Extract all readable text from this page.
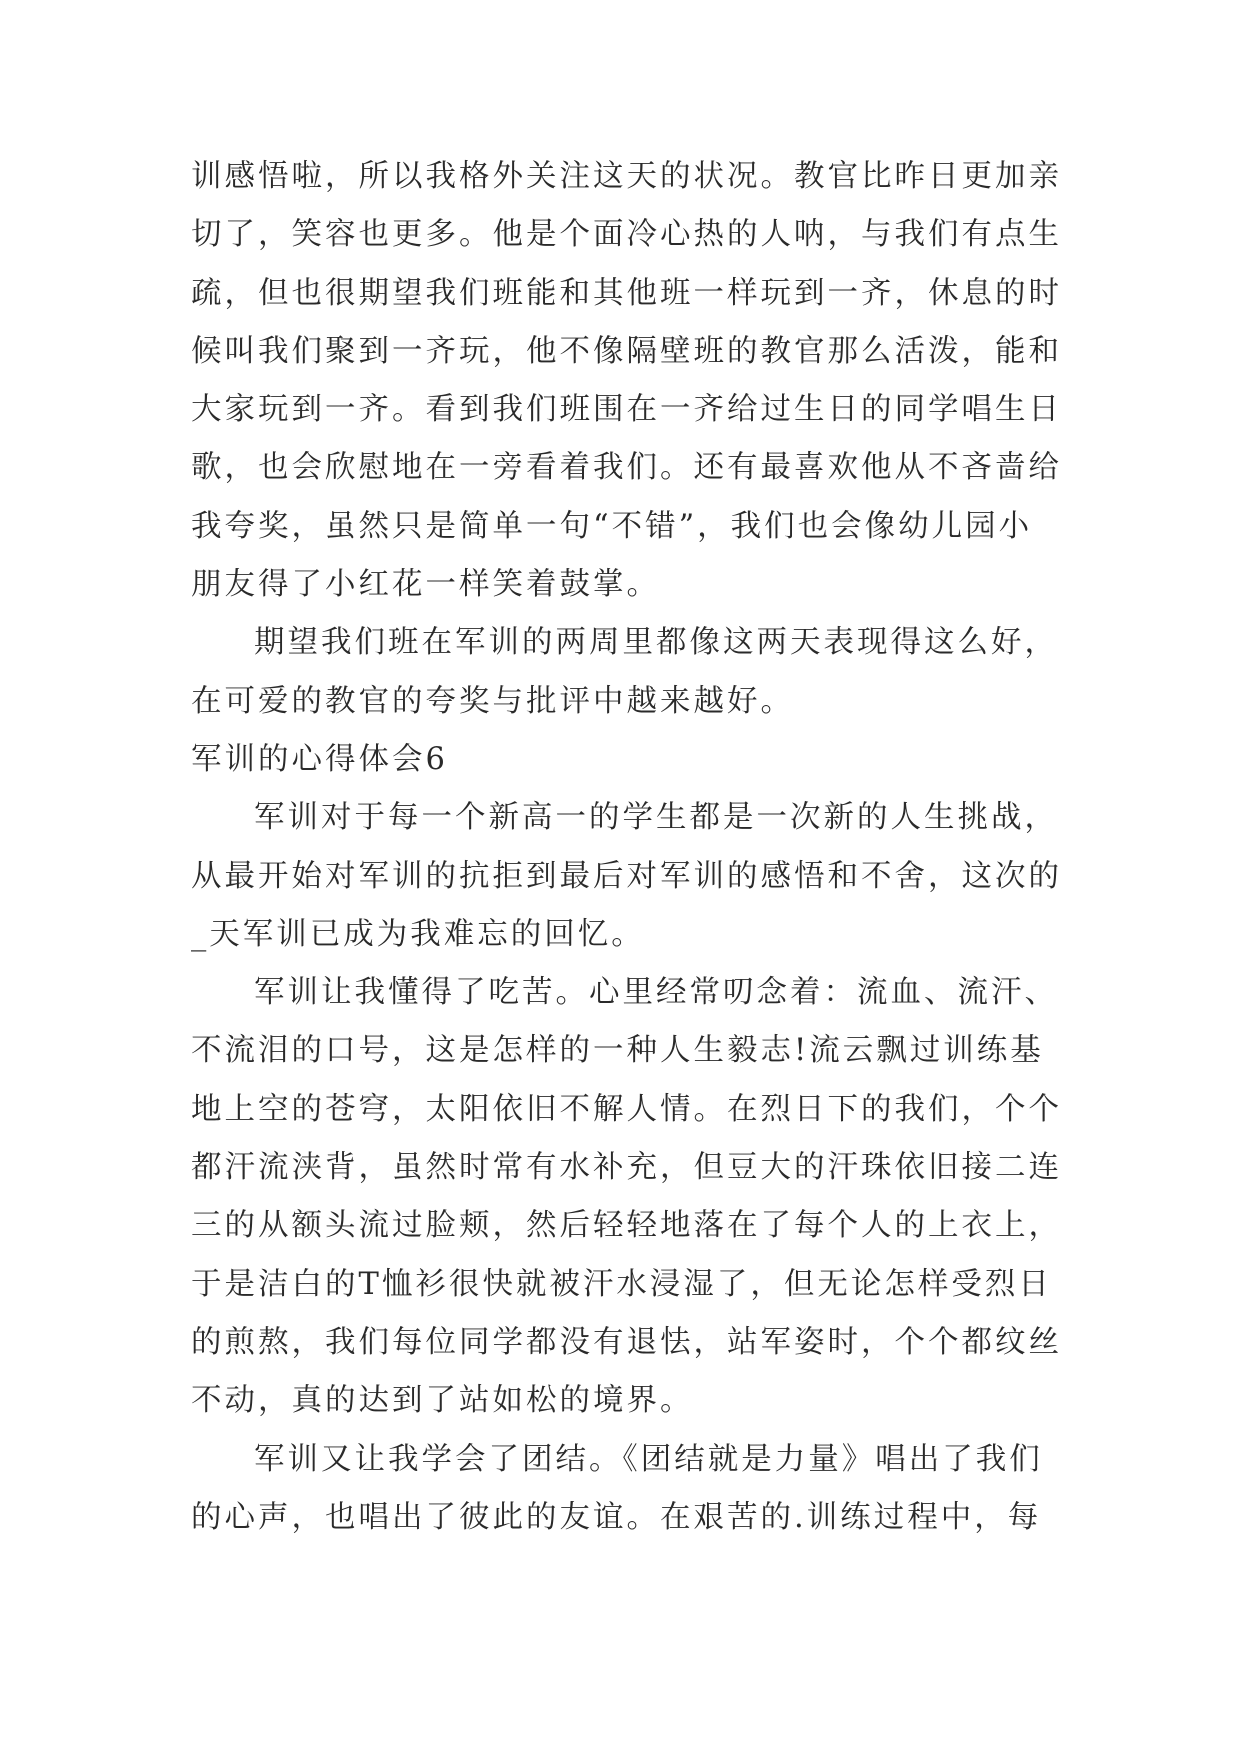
训感悟啦，所以我格外关注这天的状况。教官比昨日更加亲
切了，笑容也更多。他是个面冷心热的人呐，与我们有点生
疏，但也很期望我们班能和其他班一样玩到一齐，休息的时
候叫我们聚到一齐玩，他不像隔壁班的教官那么活泼，能和
大家玩到一齐。看到我们班围在一齐给过生日的同学唱生日
歌，也会欣慰地在一旁看着我们。还有最喜欢他从不吝啬给
我夸奖，虽然只是简单一句“不错”，我们也会像幼儿园小
朋友得了小红花一样笑着鼓掌。
期望我们班在军训的两周里都像这两天表现得这么好，
在可爱的教官的夸奖与批评中越来越好。
军训的心得体会6
军训对于每一个新高一的学生都是一次新的人生挑战，
从最开始对军训的抗拒到最后对军训的感悟和不舍，这次的
_天军训已成为我难忘的回忆。
军训让我懂得了吃苦。心里经常叨念着：流血、流汗、
不流泪的口号，这是怎样的一种人生毅志!流云飘过训练基
地上空的苍穹，太阳依旧不解人情。在烈日下的我们，个个
都汗流浃背，虽然时常有水补充，但豆大的汗珠依旧接二连
三的从额头流过脸颊，然后轻轻地落在了每个人的上衣上，
于是洁白的T恤衫很快就被汗水浸湿了，但无论怎样受烈日
的煎熬，我们每位同学都没有退怯，站军姿时，个个都纹丝
不动，真的达到了站如松的境界。
军训又让我学会了团结。《团结就是力量》唱出了我们
的心声，也唱出了彼此的友谊。在艰苦的.训练过程中，每
